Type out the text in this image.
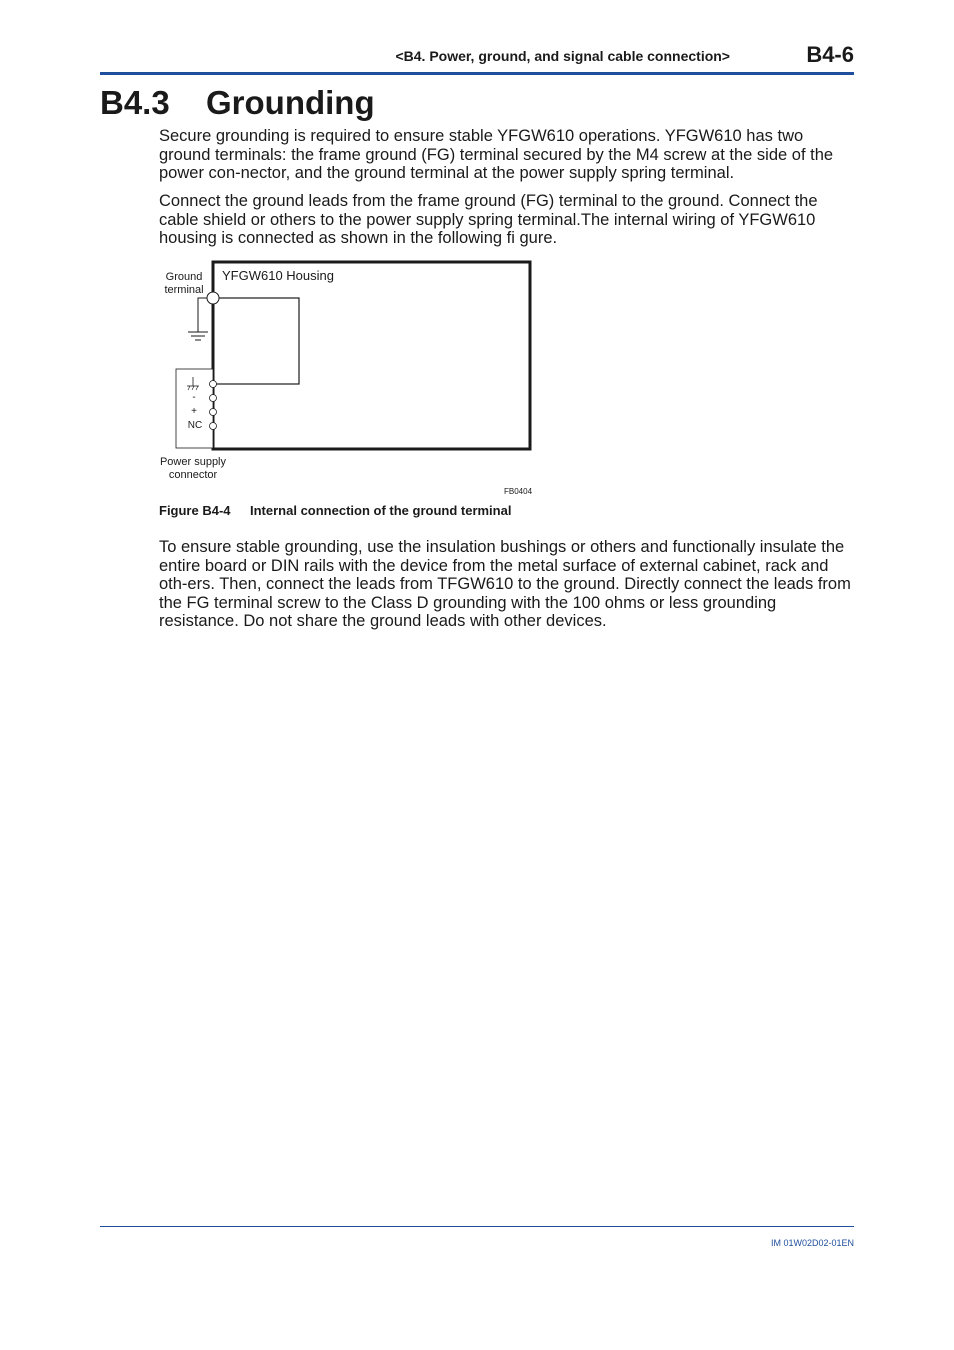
<B4. Power, ground, and signal cable connection>	B4-6
B4.3 Grounding

Secure grounding is required to ensure stable YFGW610 operations. YFGW610 has two ground terminals: the frame ground (FG) terminal secured by the M4 screw at the side of the power con-nector, and the ground terminal at the power supply spring terminal.

Connect the ground leads from the frame ground (FG) terminal to the ground. Connect the cable shield or others to the power supply spring terminal.The internal wiring of YFGW610 housing is connected as shown in the following fi gure.

Ground
terminal
YFGW610 Housing
-
+
NC
Power supply
connector
FB0404
Figure B4-4 Internal connection of the ground terminal

To ensure stable grounding, use the insulation bushings or others and functionally insulate the entire board or DIN rails with the device from the metal surface of external cabinet, rack and oth-ers. Then, connect the leads from TFGW610 to the ground. Directly connect the leads from the FG terminal screw to the Class D grounding with the 100 ohms or less grounding resistance. Do not share the ground leads with other devices.

IM 01W02D02-01EN
